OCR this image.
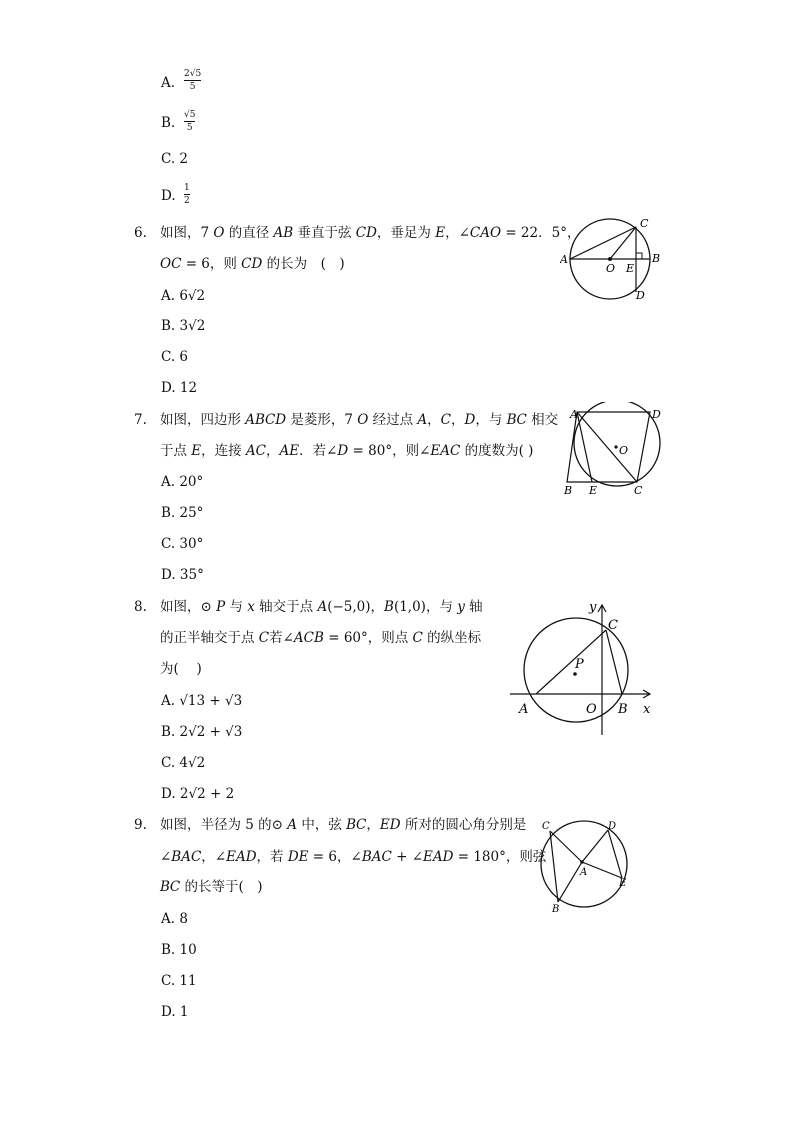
A.
2√5
5
B. √5
5
C. 2
D. 1
2
6. 如图，7 𝑂 的直径 𝐴𝐵 垂直于弦 𝐶𝐷，垂足为 𝐸，∠𝐶𝐴𝑂 = 22．5°，
𝑂𝐶 = 6，则 𝐶𝐷 的长为　(　)
A. 6√2
B. 3√2
C. 6
D. 12
A
O E
B
C
D
7. 如图，四边形 𝐴𝐵𝐶𝐷 是菱形，7 𝑂 经过点 𝐴，𝐶，𝐷，与 𝐵𝐶 相交
于点 𝐸，连接 𝐴𝐶，𝐴𝐸．若∠𝐷 = 80°，则∠𝐸𝐴𝐶 的度数为( )
A. 20°
B. 25°
C. 30°
D. 35°
A	D
O
B E	C
8. 如图，⊙ 𝑃 与 𝑥 轴交于点 𝐴(−5,0)，𝐵(1,0)，与 𝑦 轴
的正半轴交于点 𝐶若∠𝐴𝐶𝐵 = 60°，则点 𝐶 的纵坐标
为(　 )
A. √13 + √3
B. 2√2 + √3
C. 4√2
D. 2√2 + 2
y
C
P
A	O B x
9. 如图，半径为 5 的⊙ 𝐴 中，弦 𝐵𝐶，𝐸𝐷 所对的圆心角分别是
∠𝐵𝐴𝐶，∠𝐸𝐴𝐷，若 𝐷𝐸 = 6，∠𝐵𝐴𝐶 + ∠𝐸𝐴𝐷 = 180°，则弦
𝐵𝐶 的长等于(　)
A. 8
B. 10
C. 11
D. 1
C	D
A
E
B
